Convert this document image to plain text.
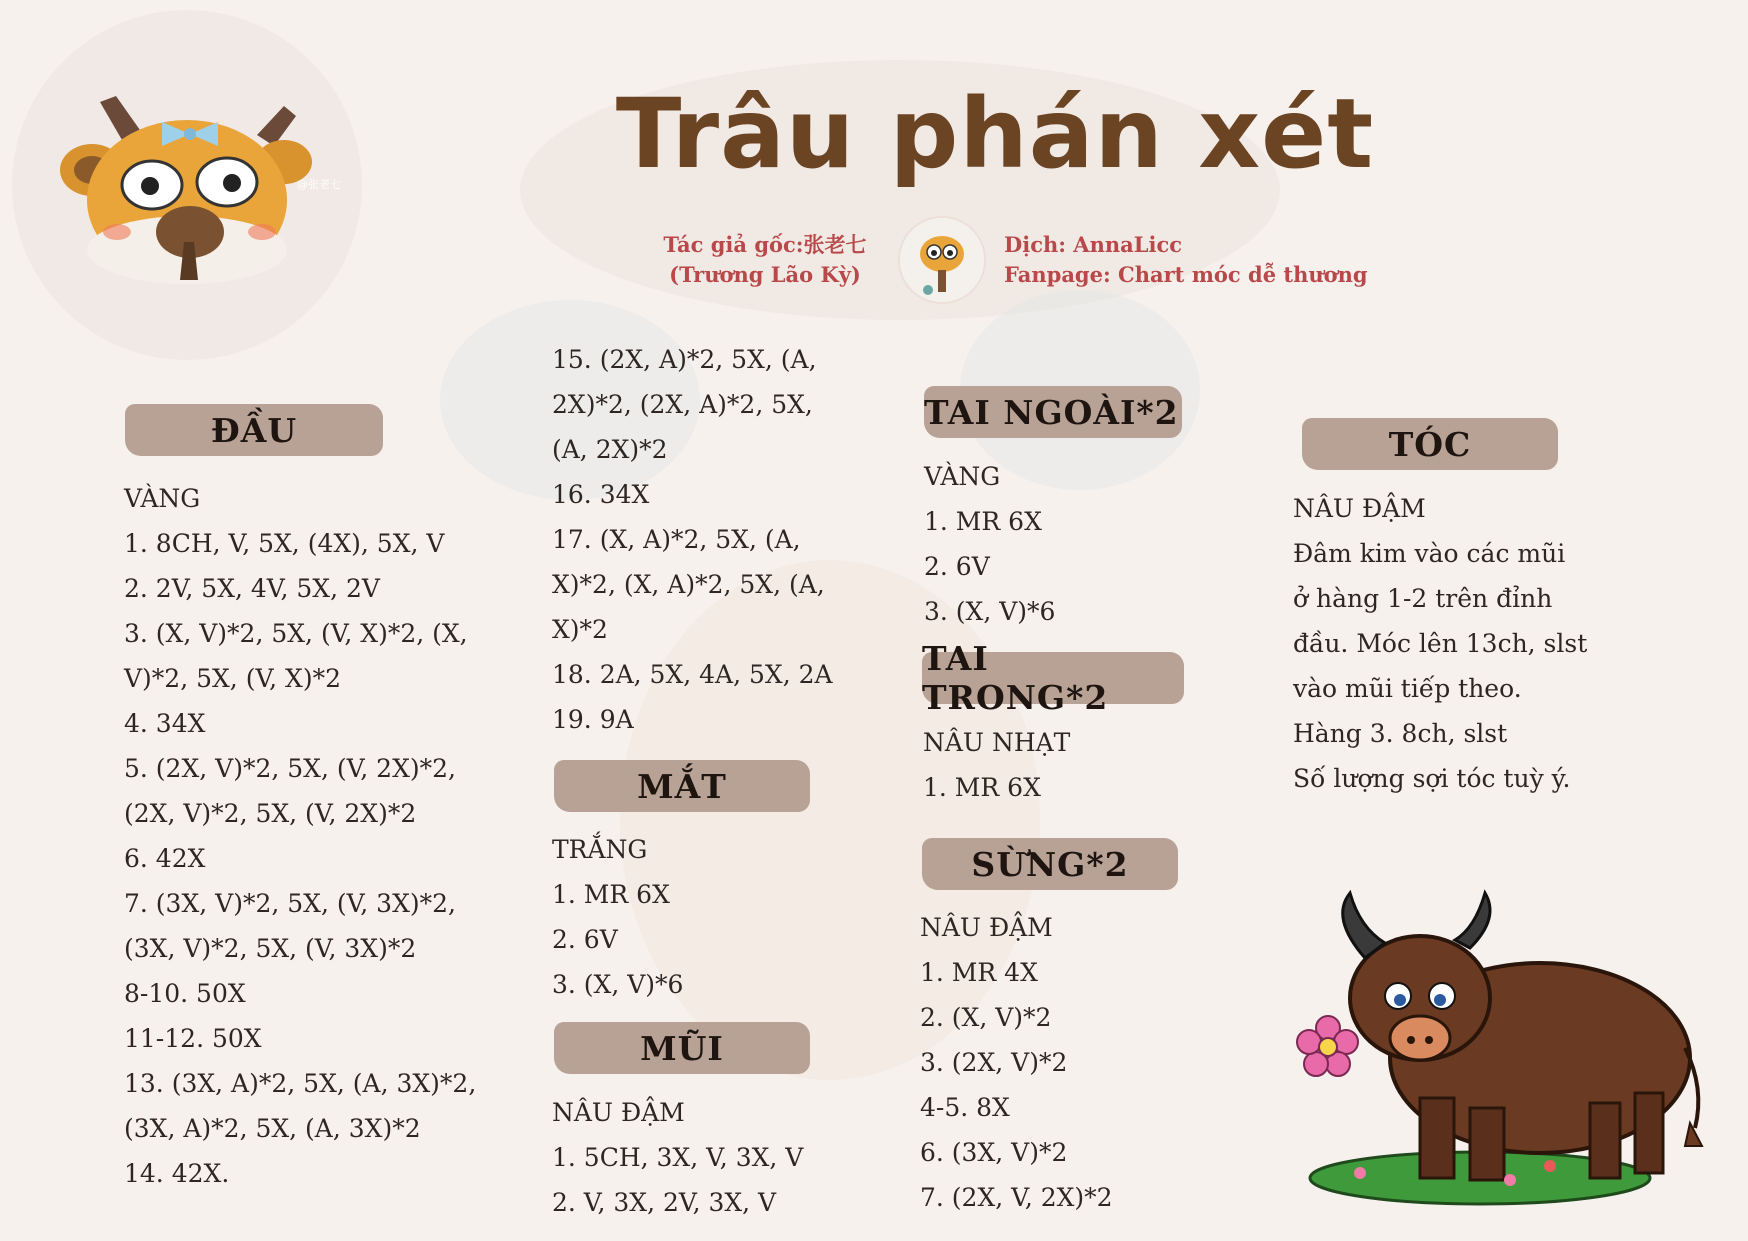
@张老七	Trâu phán xét
Tác giả gốc:张老七
(Trương Lão Kỳ)
Dịch: AnnaLicc
Fanpage: Chart móc dễ thương
ĐẦU
VÀNG
1. 8CH, V, 5X, (4X), 5X, V
2. 2V, 5X, 4V, 5X, 2V
3. (X, V)*2, 5X, (V, X)*2, (X,
V)*2, 5X, (V, X)*2
4. 34X
5. (2X, V)*2, 5X, (V, 2X)*2,
(2X, V)*2, 5X, (V, 2X)*2
6. 42X
7. (3X, V)*2, 5X, (V, 3X)*2,
(3X, V)*2, 5X, (V, 3X)*2
8-10. 50X
11-12. 50X
13. (3X, A)*2, 5X, (A, 3X)*2,
(3X, A)*2, 5X, (A, 3X)*2
14. 42X.
15. (2X, A)*2, 5X, (A,
2X)*2, (2X, A)*2, 5X,
(A, 2X)*2
16. 34X
17. (X, A)*2, 5X, (A,
X)*2, (X, A)*2, 5X, (A,
X)*2
18. 2A, 5X, 4A, 5X, 2A
19. 9A
MẮT
TRẮNG
1. MR 6X
2. 6V
3. (X, V)*6
MŨI
NÂU ĐẬM
1. 5CH, 3X, V, 3X, V
2. V, 3X, 2V, 3X, V
TAI NGOÀI*2
VÀNG
1. MR 6X
2. 6V
3. (X, V)*6
TAI TRONG*2
NÂU NHẠT
1. MR 6X
SỪNG*2
NÂU ĐẬM
1. MR 4X
2. (X, V)*2
3. (2X, V)*2
4-5. 8X
6. (3X, V)*2
7. (2X, V, 2X)*2
TÓC
NÂU ĐẬM
Đâm kim vào các mũi
ở hàng 1-2 trên đỉnh
đầu. Móc lên 13ch, slst
vào mũi tiếp theo.
Hàng 3. 8ch, slst
Số lượng sợi tóc tuỳ ý.
